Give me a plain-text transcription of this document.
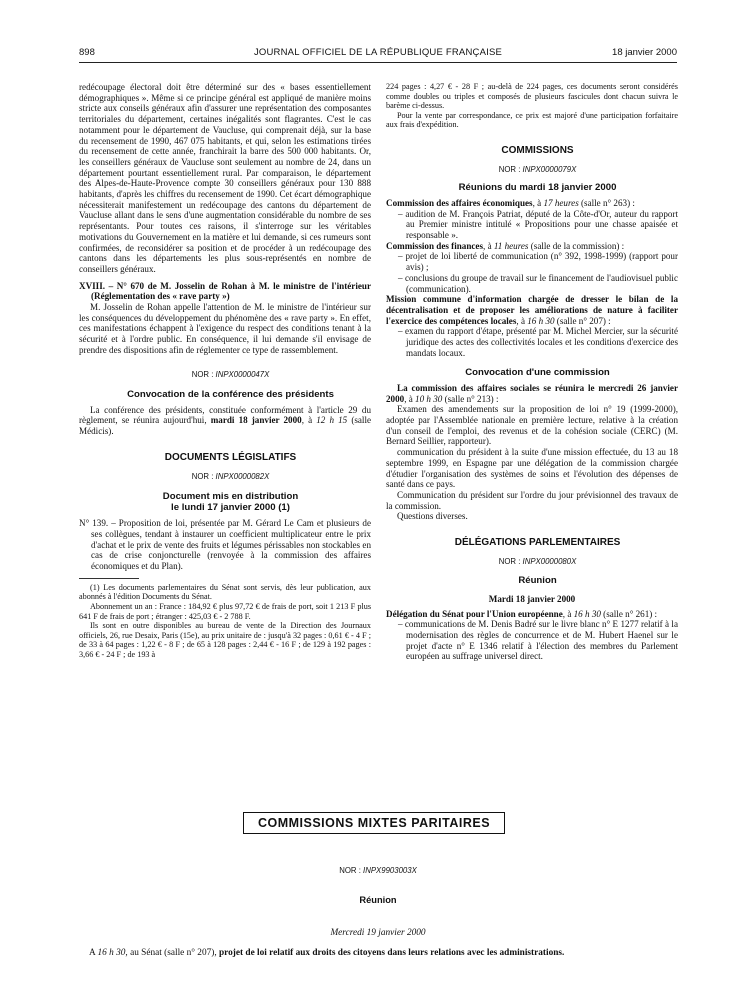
898	JOURNAL OFFICIEL DE LA RÉPUBLIQUE FRANÇAISE	18 janvier 2000

redécoupage électoral doit être déterminé sur des « bases essentiellement démographiques ». Même si ce principe général est appliqué de manière moins stricte aux conseils généraux afin d'assurer une représentation des composantes territoriales du département, certaines inégalités sont flagrantes. C'est le cas notamment pour le département de Vaucluse, qui comprenait déjà, sur la base du recensement de 1990, 467 075 habitants, et qui, selon les estimations tirées du recensement de cette année, franchirait la barre des 500 000 habitants. Or, les conseillers généraux de Vaucluse sont seulement au nombre de 24, dans un département pourtant essentiellement rural. Par comparaison, le département des Alpes-de-Haute-Provence compte 30 conseillers généraux pour 130 888 habitants, d'après les chiffres du recensement de 1990. Cet écart démographique nécessiterait manifestement un redécoupage des cantons du département de Vaucluse allant dans le sens d'une augmentation considérable du nombre de ses représentants. Pour toutes ces raisons, il s'interroge sur les véritables motivations du Gouvernement en la matière et lui demande, si ces rumeurs sont confirmées, de reconsidérer sa position et de procéder à un redécoupage des cantons dans les départements les plus sous-représentés en nombre de conseillers généraux.

XVIII. – N° 670 de M. Josselin de Rohan à M. le ministre de l'intérieur (Réglementation des « rave party »)

M. Josselin de Rohan appelle l'attention de M. le ministre de l'intérieur sur les conséquences du développement du phénomène des « rave party ». En effet, ces manifestations échappent à l'exigence du respect des conditions tenant à la sécurité et à l'ordre public. En conséquence, il lui demande s'il envisage de prendre des dispositions afin de réglementer ce type de rassemblement.

NOR : INPX0000047X

Convocation de la conférence des présidents

La conférence des présidents, constituée conformément à l'article 29 du règlement, se réunira aujourd'hui, mardi 18 janvier 2000, à 12 h 15 (salle Médicis).

DOCUMENTS LÉGISLATIFS

NOR : INPX0000082X

Document mis en distribution

le lundi 17 janvier 2000 (1)

N° 139. – Proposition de loi, présentée par M. Gérard Le Cam et plusieurs de ses collègues, tendant à instaurer un coefficient multiplicateur entre le prix d'achat et le prix de vente des fruits et légumes périssables non stockables en cas de crise conjoncturelle (renvoyée à la commission des affaires économiques et du Plan).

(1) Les documents parlementaires du Sénat sont servis, dès leur publication, aux abonnés à l'édition Documents du Sénat.

Abonnement un an : France : 184,92 € plus 97,72 € de frais de port, soit 1 213 F plus 641 F de frais de port ; étranger : 425,03 € - 2 788 F.

Ils sont en outre disponibles au bureau de vente de la Direction des Journaux officiels, 26, rue Desaix, Paris (15e), au prix unitaire de : jusqu'à 32 pages : 0,61 € - 4 F ; de 33 à 64 pages : 1,22 € - 8 F ; de 65 à 128 pages : 2,44 € - 16 F ; de 129 à 192 pages : 3,66 € - 24 F ; de 193 à

224 pages : 4,27 € - 28 F ; au-delà de 224 pages, ces documents seront considérés comme doubles ou triples et composés de plusieurs fascicules dont chacun suivra le barème ci-dessus.

Pour la vente par correspondance, ce prix est majoré d'une participation forfaitaire aux frais d'expédition.

COMMISSIONS

NOR : INPX0000079X

Réunions du mardi 18 janvier 2000

Commission des affaires économiques, à 17 heures (salle n° 263) :

– audition de M. François Patriat, député de la Côte-d'Or, auteur du rapport au Premier ministre intitulé « Propositions pour une chasse apaisée et responsable ».

Commission des finances, à 11 heures (salle de la commission) :

– projet de loi liberté de communication (n° 392, 1998-1999) (rapport pour avis) ;

– conclusions du groupe de travail sur le financement de l'audiovisuel public (communication).

Mission commune d'information chargée de dresser le bilan de la décentralisation et de proposer les améliorations de nature à faciliter l'exercice des compétences locales, à 16 h 30 (salle n° 207) :

– examen du rapport d'étape, présenté par M. Michel Mercier, sur la sécurité juridique des actes des collectivités locales et les conditions d'exercice des mandats locaux.

Convocation d'une commission

La commission des affaires sociales se réunira le mercredi 26 janvier 2000, à 10 h 30 (salle n° 213) :

Examen des amendements sur la proposition de loi n° 19 (1999-2000), adoptée par l'Assemblée nationale en première lecture, relative à la création d'un conseil de l'emploi, des revenus et de la cohésion sociale (CERC) (M. Bernard Seillier, rapporteur).

communication du président à la suite d'une mission effectuée, du 13 au 18 septembre 1999, en Espagne par une délégation de la commission chargée d'étudier l'organisation des systèmes de soins et l'évolution des dépenses de santé dans ce pays.

Communication du président sur l'ordre du jour prévisionnel des travaux de la commission.

Questions diverses.

DÉLÉGATIONS PARLEMENTAIRES

NOR : INPX0000080X

Réunion

Mardi 18 janvier 2000

Délégation du Sénat pour l'Union européenne, à 16 h 30 (salle n° 261) :

– communications de M. Denis Badré sur le livre blanc n° E 1277 relatif à la modernisation des règles de concurrence et de M. Hubert Haenel sur le projet d'acte n° E 1346 relatif à l'élection des membres du Parlement européen au suffrage universel direct.

COMMISSIONS MIXTES PARITAIRES

NOR : INPX9903003X

Réunion
Mercredi 19 janvier 2000
A 16 h 30, au Sénat (salle n° 207), projet de loi relatif aux droits des citoyens dans leurs relations avec les administrations.
